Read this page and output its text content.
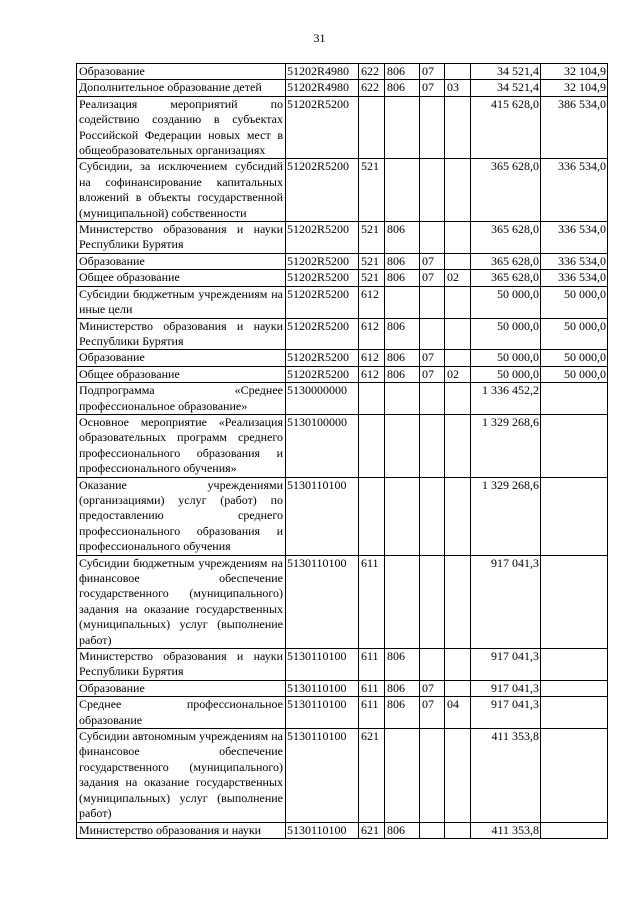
31
Образование	51202R4980	622	806	07		34 521,4	32 104,9
Дополнительное образование детей	51202R4980	622	806	07	03	34 521,4	32 104,9
Реализация мероприятий по содействию созданию в субъектах Российской Федерации новых мест в общеобразовательных организациях	51202R5200					415 628,0	386 534,0
Субсидии, за исключением субсидий на софинансирование капитальных вложений в объекты государственной (муниципальной) собственности	51202R5200	521				365 628,0	336 534,0
Министерство образования и науки Республики Бурятия	51202R5200	521	806			365 628,0	336 534,0
Образование	51202R5200	521	806	07		365 628,0	336 534,0
Общее образование	51202R5200	521	806	07	02	365 628,0	336 534,0
Субсидии бюджетным учреждениям на иные цели	51202R5200	612				50 000,0	50 000,0
Министерство образования и науки Республики Бурятия	51202R5200	612	806			50 000,0	50 000,0
Образование	51202R5200	612	806	07		50 000,0	50 000,0
Общее образование	51202R5200	612	806	07	02	50 000,0	50 000,0
Подпрограмма «Среднее профессиональное образование»	5130000000					1 336 452,2	
Основное мероприятие «Реализация образовательных программ среднего профессионального образования и профессионального обучения»	5130100000					1 329 268,6	
Оказание учреждениями (организациями) услуг (работ) по предоставлению среднего профессионального образования и профессионального обучения	5130110100					1 329 268,6	
Субсидии бюджетным учреждениям на финансовое обеспечение государственного (муниципального) задания на оказание государственных (муниципальных) услуг (выполнение работ)	5130110100	611				917 041,3	
Министерство образования и науки Республики Бурятия	5130110100	611	806			917 041,3	
Образование	5130110100	611	806	07		917 041,3	
Среднее профессиональное образование	5130110100	611	806	07	04	917 041,3	
Субсидии автономным учреждениям на финансовое обеспечение государственного (муниципального) задания на оказание государственных (муниципальных) услуг (выполнение работ)	5130110100	621				411 353,8	
Министерство образования и науки	5130110100	621	806			411 353,8	
